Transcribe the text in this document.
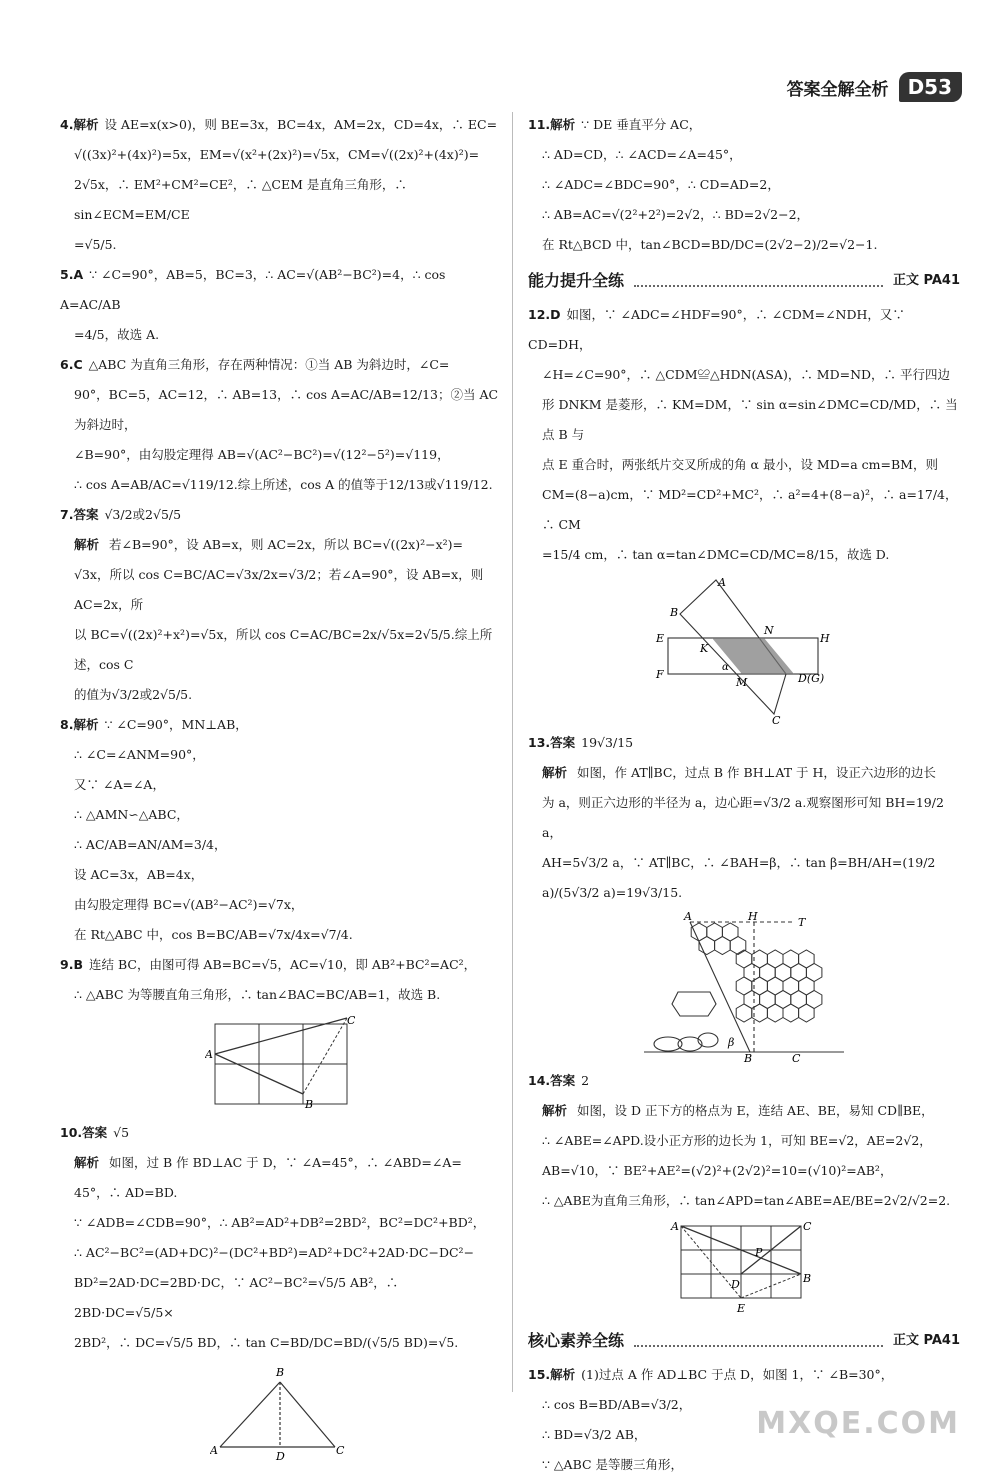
答案全解全析 D53

4.解析 设 AE=x(x>0)，则 BE=3x，BC=4x，AM=2x，CD=4x，∴ EC=

√((3x)²+(4x)²)=5x，EM=√(x²+(2x)²)=√5x，CM=√((2x)²+(4x)²)=

2√5x，∴ EM²+CM²=CE²，∴ △CEM 是直角三角形，∴ sin∠ECM=EM/CE

=√5/5.

5.A ∵ ∠C=90°，AB=5，BC=3，∴ AC=√(AB²−BC²)=4，∴ cos A=AC/AB

=4/5，故选 A.

6.C △ABC 为直角三角形，存在两种情况：①当 AB 为斜边时，∠C=

90°，BC=5，AC=12，∴ AB=13，∴ cos A=AC/AB=12/13；②当 AC 为斜边时，

∠B=90°，由勾股定理得 AB=√(AC²−BC²)=√(12²−5²)=√119，

∴ cos A=AB/AC=√119/12.综上所述，cos A 的值等于12/13或√119/12.

7.答案 √3/2或2√5/5

解析 若∠B=90°，设 AB=x，则 AC=2x，所以 BC=√((2x)²−x²)=

√3x，所以 cos C=BC/AC=√3x/2x=√3/2；若∠A=90°，设 AB=x，则 AC=2x，所

以 BC=√((2x)²+x²)=√5x，所以 cos C=AC/BC=2x/√5x=2√5/5.综上所述，cos C

的值为√3/2或2√5/5.

8.解析 ∵ ∠C=90°，MN⊥AB，

∴ ∠C=∠ANM=90°，

又∵ ∠A=∠A，

∴ △AMN∽△ABC，

∴ AC/AB=AN/AM=3/4，

设 AC=3x，AB=4x，

由勾股定理得 BC=√(AB²−AC²)=√7x，

在 Rt△ABC 中，cos B=BC/AB=√7x/4x=√7/4.

9.B 连结 BC，由图可得 AB=BC=√5，AC=√10，即 AB²+BC²=AC²，

∴ △ABC 为等腰直角三角形，∴ tan∠BAC=BC/AB=1，故选 B.

A
B
C

10.答案 √5

解析 如图，过 B 作 BD⊥AC 于 D，∵ ∠A=45°，∴ ∠ABD=∠A=

45°，∴ AD=BD.

∵ ∠ADB=∠CDB=90°，∴ AB²=AD²+DB²=2BD²，BC²=DC²+BD²，

∴ AC²−BC²=(AD+DC)²−(DC²+BD²)=AD²+DC²+2AD·DC−DC²−

BD²=2AD·DC=2BD·DC，∵ AC²−BC²=√5/5 AB²，∴ 2BD·DC=√5/5×

2BD²，∴ DC=√5/5 BD，∴ tan C=BD/DC=BD/(√5/5 BD)=√5.

A
B
C
D

11.解析 ∵ DE 垂直平分 AC，

∴ AD=CD，∴ ∠ACD=∠A=45°，

∴ ∠ADC=∠BDC=90°，∴ CD=AD=2，

∴ AB=AC=√(2²+2²)=2√2，∴ BD=2√2−2，

在 Rt△BCD 中，tan∠BCD=BD/DC=(2√2−2)/2=√2−1.

能力提升全练	正文 PA41

12.D 如图，∵ ∠ADC=∠HDF=90°，∴ ∠CDM=∠NDH，又∵ CD=DH，

∠H=∠C=90°，∴ △CDM≌△HDN(ASA)，∴ MD=ND，∴ 平行四边

形 DNKM 是菱形，∴ KM=DM，∵ sin α=sin∠DMC=CD/MD，∴ 当点 B 与

点 E 重合时，两张纸片交叉所成的角 α 最小，设 MD=a cm=BM，则

CM=(8−a)cm，∵ MD²=CD²+MC²，∴ a²=4+(8−a)²，∴ a=17/4，∴ CM

=15/4 cm，∴ tan α=tan∠DMC=CD/MC=8/15，故选 D.

E
F
H
D(G)
A
B
C
K
N
M
α

13.答案 19√3/15

解析 如图，作 AT∥BC，过点 B 作 BH⊥AT 于 H，设正六边形的边长

为 a，则正六边形的半径为 a，边心距=√3/2 a.观察图形可知 BH=19/2 a，

AH=5√3/2 a，∵ AT∥BC，∴ ∠BAH=β，∴ tan β=BH/AH=(19/2 a)/(5√3/2 a)=19√3/15.

A	H	T
B	C
β

14.答案 2

解析 如图，设 D 正下方的格点为 E，连结 AE、BE，易知 CD∥BE，

∴ ∠ABE=∠APD.设小正方形的边长为 1，可知 BE=√2，AE=2√2，

AB=√10，∵ BE²+AE²=(√2)²+(2√2)²=10=(√10)²=AB²，

∴ △ABE为直角三角形，∴ tan∠APD=tan∠ABE=AE/BE=2√2/√2=2.

A	C
B
D
E
P
核心素养全练	正文 PA41

15.解析 (1)过点 A 作 AD⊥BC 于点 D，如图 1，∵ ∠B=30°，

∴ cos B=BD/AB=√3/2，

∴ BD=√3/2 AB，

∵ △ABC 是等腰三角形，

MXQE.COM
